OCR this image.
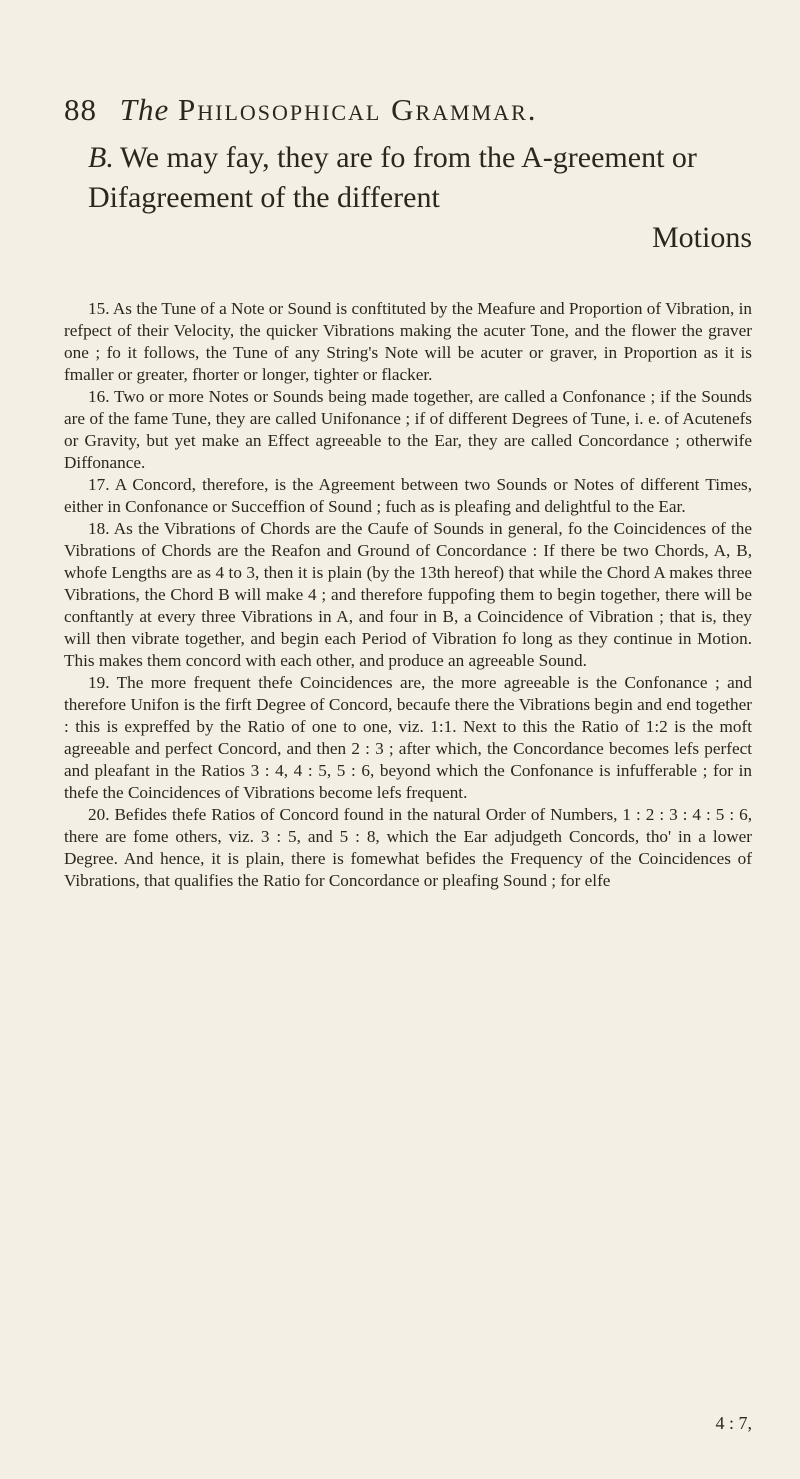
88 The Philosophical Grammar.
B. We may fay, they are fo from the A-greement or Difagreement of the different
Motions

15. As the Tune of a Note or Sound is conftituted by the Meafure and Proportion of Vibration, in refpect of their Velocity, the quicker Vibrations making the acuter Tone, and the flower the graver one ; fo it follows, the Tune of any String's Note will be acuter or graver, in Proportion as it is fmaller or greater, fhorter or longer, tighter or flacker.

16. Two or more Notes or Sounds being made together, are called a Confonance ; if the Sounds are of the fame Tune, they are called Unifonance ; if of different Degrees of Tune, i. e. of Acutenefs or Gravity, but yet make an Effect agreeable to the Ear, they are called Concordance ; otherwife Diffonance.

17. A Concord, therefore, is the Agreement between two Sounds or Notes of different Times, either in Confonance or Succeffion of Sound ; fuch as is pleafing and delightful to the Ear.

18. As the Vibrations of Chords are the Caufe of Sounds in general, fo the Coincidences of the Vibrations of Chords are the Reafon and Ground of Concordance : If there be two Chords, A, B, whofe Lengths are as 4 to 3, then it is plain (by the 13th hereof) that while the Chord A makes three Vibrations, the Chord B will make 4 ; and therefore fuppofing them to begin together, there will be conftantly at every three Vibrations in A, and four in B, a Coincidence of Vibration ; that is, they will then vibrate together, and begin each Period of Vibration fo long as they continue in Motion. This makes them concord with each other, and produce an agreeable Sound.

19. The more frequent thefe Coincidences are, the more agreeable is the Confonance ; and therefore Unifon is the firft Degree of Concord, becaufe there the Vibrations begin and end together : this is expreffed by the Ratio of one to one, viz. 1:1. Next to this the Ratio of 1:2 is the moft agreeable and perfect Concord, and then 2 : 3 ; after which, the Concordance becomes lefs perfect and pleafant in the Ratios 3 : 4, 4 : 5, 5 : 6, beyond which the Confonance is infufferable ; for in thefe the Coincidences of Vibrations become lefs frequent.

20. Befides thefe Ratios of Concord found in the natural Order of Numbers, 1 : 2 : 3 : 4 : 5 : 6, there are fome others, viz. 3 : 5, and 5 : 8, which the Ear adjudgeth Concords, tho' in a lower Degree. And hence, it is plain, there is fomewhat befides the Frequency of the Coincidences of Vibrations, that qualifies the Ratio for Concordance or pleafing Sound ; for elfe

4 : 7,
